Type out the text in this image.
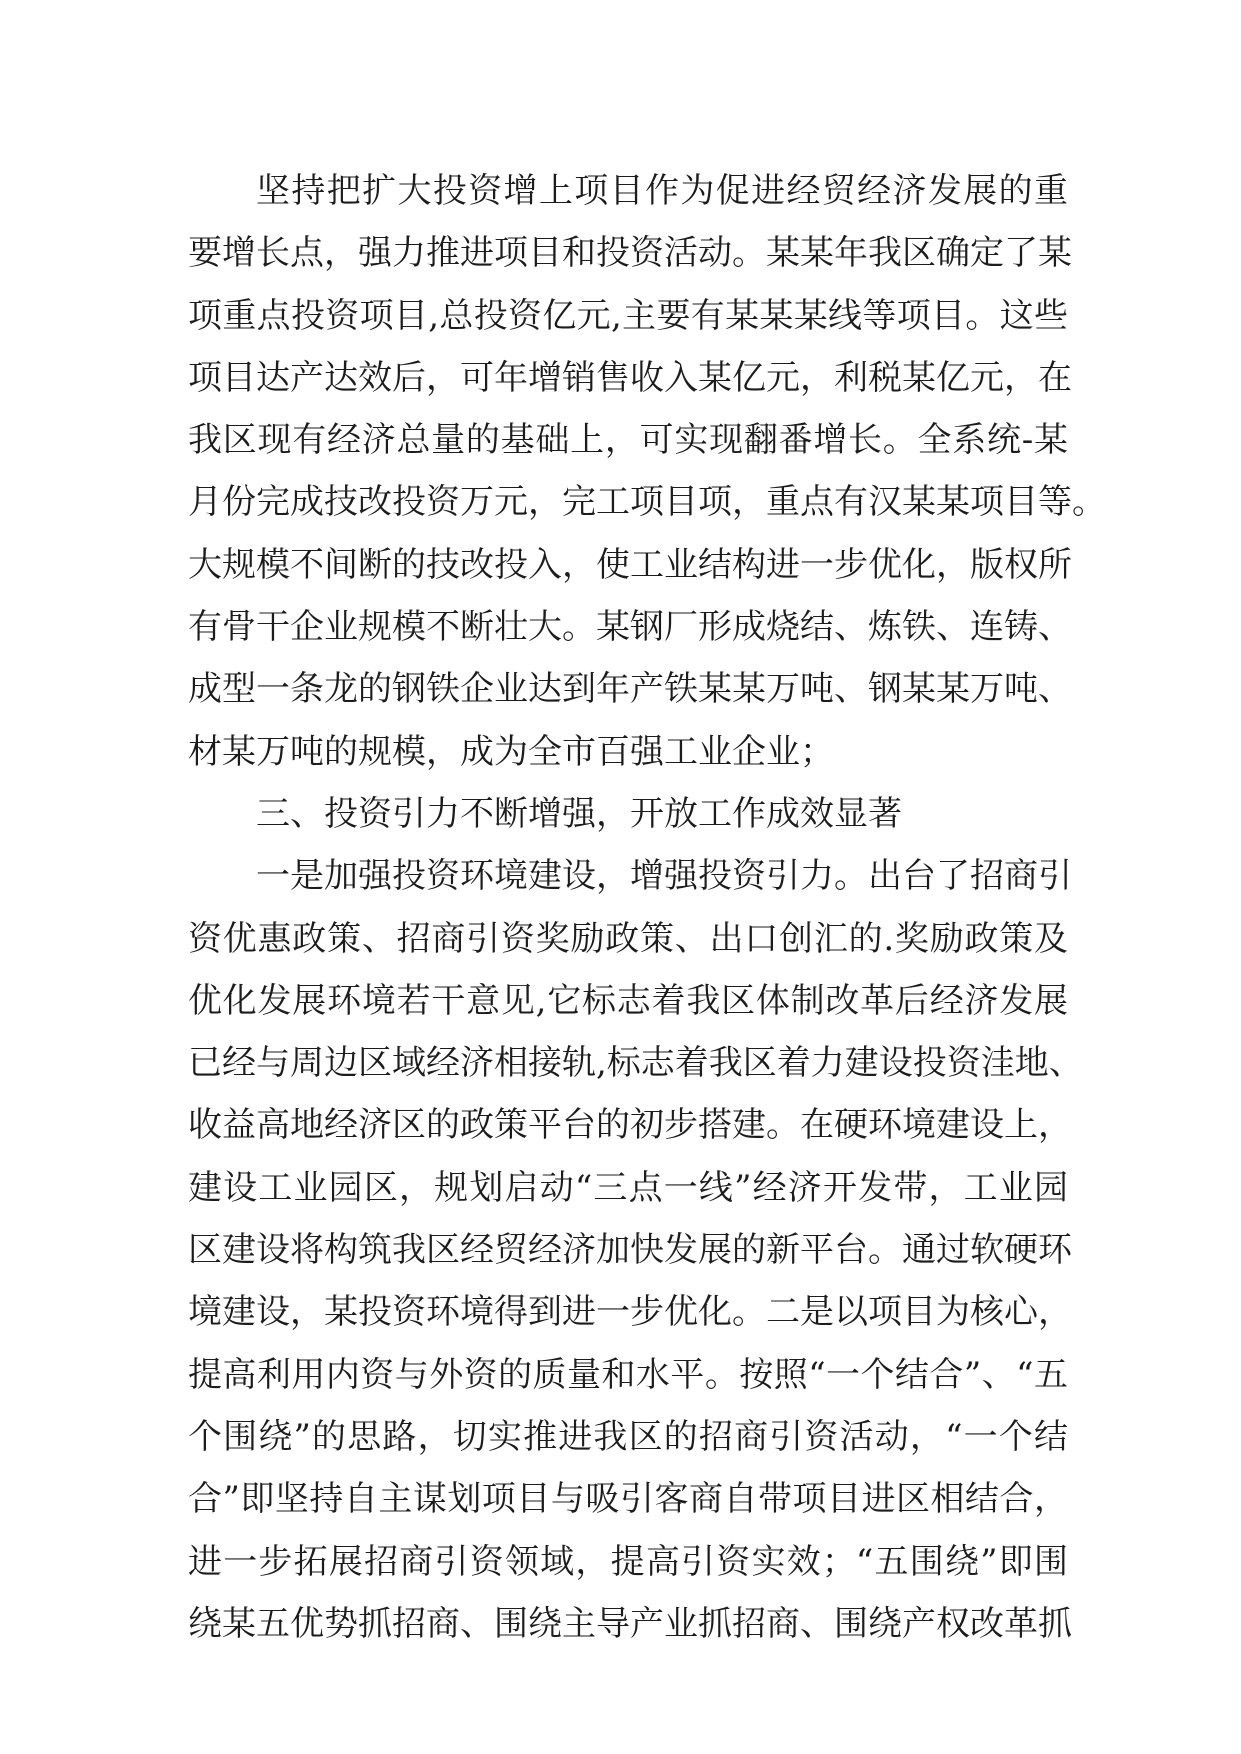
坚持把扩大投资增上项目作为促进经贸经济发展的重
要增长点，强力推进项目和投资活动。某某年我区确定了某
项重点投资项目,总投资亿元,主要有某某某线等项目。这些
项目达产达效后，可年增销售收入某亿元，利税某亿元，在
我区现有经济总量的基础上，可实现翻番增长。全系统-某
月份完成技改投资万元，完工项目项，重点有汉某某项目等。
大规模不间断的技改投入，使工业结构进一步优化，版权所
有骨干企业规模不断壮大。某钢厂形成烧结、炼铁、连铸、
成型一条龙的钢铁企业达到年产铁某某万吨、钢某某万吨、
材某万吨的规模，成为全市百强工业企业；
三、投资引力不断增强，开放工作成效显著
一是加强投资环境建设，增强投资引力。出台了招商引
资优惠政策、招商引资奖励政策、出口创汇的.奖励政策及
优化发展环境若干意见,它标志着我区体制改革后经济发展
已经与周边区域经济相接轨,标志着我区着力建设投资洼地、
收益高地经济区的政策平台的初步搭建。在硬环境建设上，
建设工业园区，规划启动“三点一线”经济开发带，工业园
区建设将构筑我区经贸经济加快发展的新平台。通过软硬环
境建设，某投资环境得到进一步优化。二是以项目为核心，
提高利用内资与外资的质量和水平。按照“一个结合”、“五
个围绕”的思路，切实推进我区的招商引资活动，“一个结
合”即坚持自主谋划项目与吸引客商自带项目进区相结合，
进一步拓展招商引资领域，提高引资实效；“五围绕”即围
绕某五优势抓招商、围绕主导产业抓招商、围绕产权改革抓
